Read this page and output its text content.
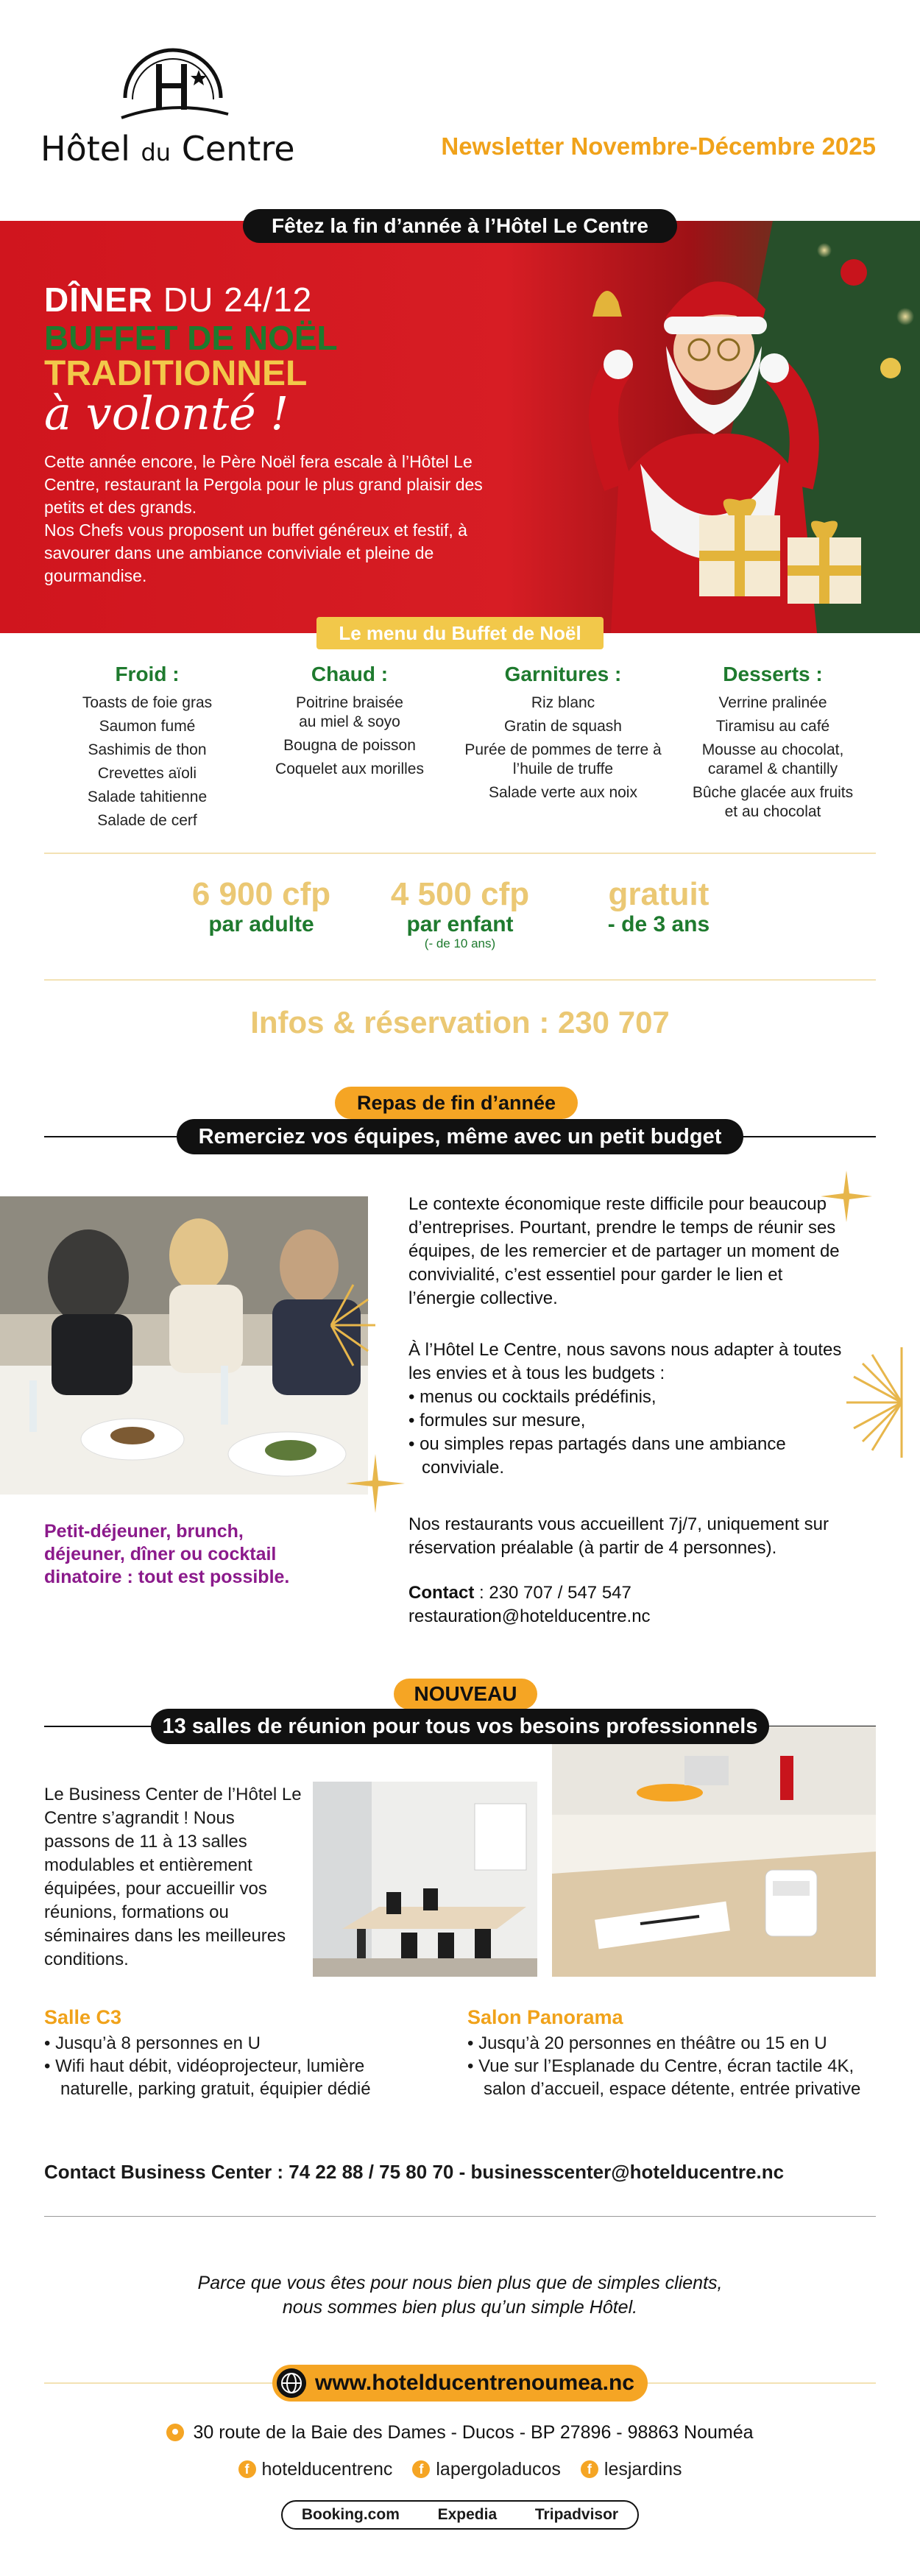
Hôtel du Centre	Newsletter Novembre-Décembre 2025
Fêtez la fin d’année à l’Hôtel Le Centre
DÎNER DU 24/12
BUFFET DE NOËL
TRADITIONNEL
à volonté !

Cette année encore, le Père Noël fera escale à l’Hôtel Le Centre, restaurant la Pergola pour le plus grand plaisir des petits et des grands.

Nos Chefs vous proposent un buffet généreux et festif, à savourer dans une ambiance conviviale et pleine de gourmandise.

Le menu du Buffet de Noël
Froid :
Toasts de foie gras
Saumon fumé
Sashimis de thon
Crevettes aïoli
Salade tahitienne
Salade de cerf
Chaud :
Poitrine braisée au miel & soyo
Bougna de poisson
Coquelet aux morilles
Garnitures :
Riz blanc
Gratin de squash
Purée de pommes de terre à l’huile de truffe
Salade verte aux noix
Desserts :
Verrine pralinée
Tiramisu au café
Mousse au chocolat, caramel & chantilly
Bûche glacée aux fruits et au chocolat
6 900 cfp
par adulte
4 500 cfp
par enfant
(- de 10 ans)
gratuit
- de 3 ans
Infos & réservation : 230 707
Repas de fin d’année
Remerciez vos équipes, même avec un petit budget
Petit-déjeuner, brunch, déjeuner, dîner ou cocktail dinatoire : tout est possible.
Le contexte économique reste difficile pour beaucoup d’entreprises. Pourtant, prendre le temps de réunir ses équipes, de les remercier et de partager un moment de convivialité, c’est essentiel pour garder le lien et l’énergie collective.

À l’Hôtel Le Centre, nous savons nous adapter à toutes les envies et à tous les budgets :

• menus ou cocktails prédéfinis,
• formules sur mesure,
• ou simples repas partagés dans une ambiance conviviale.
Nos restaurants vous accueillent 7j/7, uniquement sur réservation préalable (à partir de 4 personnes).
Contact : 230 707 / 547 547
restauration@hotelducentre.nc
NOUVEAU
13 salles de réunion pour tous vos besoins professionnels
Le Business Center de l’Hôtel Le Centre s’agrandit ! Nous passons de 11 à 13 salles modulables et entièrement équipées, pour accueillir vos réunions, formations ou séminaires dans les meilleures conditions.
Salle C3
• Jusqu’à 8 personnes en U
• Wifi haut débit, vidéoprojecteur, lumière naturelle, parking gratuit, équipier dédié
Salon Panorama
• Jusqu’à 20 personnes en théâtre ou 15 en U
• Vue sur l’Esplanade du Centre, écran tactile 4K, salon d’accueil, espace détente, entrée privative
Contact Business Center : 74 22 88 / 75 80 70 - businesscenter@hotelducentre.nc
Parce que vous êtes pour nous bien plus que de simples clients,
nous sommes bien plus qu’un simple Hôtel.
www.hotelducentrenoumea.nc
30 route de la Baie des Dames - Ducos - BP 27896 - 98863 Nouméa
f hotelducentrenc f lapergoladucos f lesjardins
Booking.com Expedia Tripadvisor
